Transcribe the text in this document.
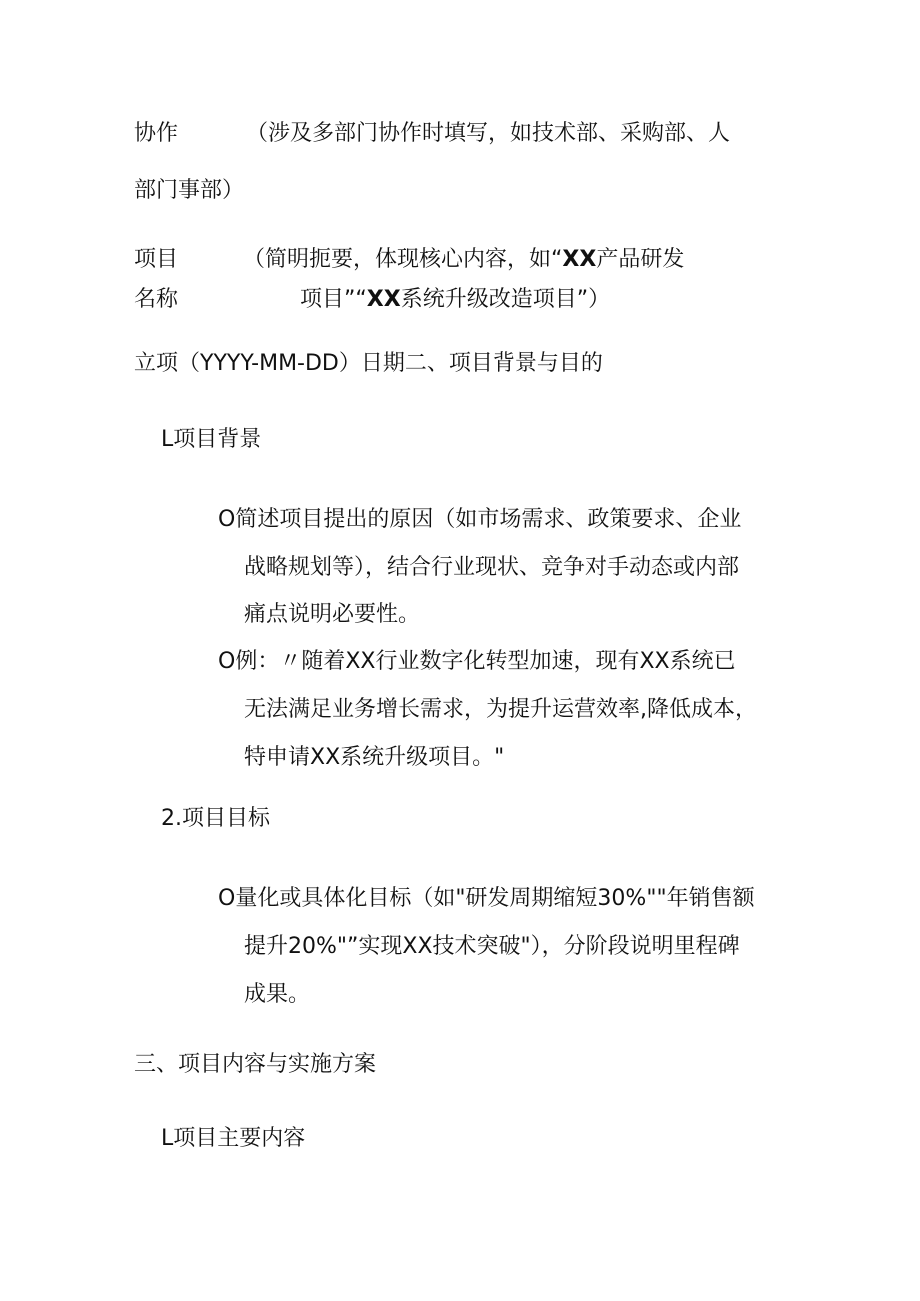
协作	（涉及多部门协作时填写，如技术部、采购部、人
部门事部）
项目	（简明扼要，体现核心内容，如“XX产品研发
名称	项目”“XX系统升级改造项目”）
立项（YYYY-MM-DD）日期二、项目背景与目的
L项目背景
O简述项目提出的原因（如市场需求、政策要求、企业
战略规划等），结合行业现状、竞争对手动态或内部
痛点说明必要性。
O例：〃随着XX行业数字化转型加速，现有XX系统已
无法满足业务增长需求，为提升运营效率,降低成本，
特申请XX系统升级项目。"
2.项目目标
O量化或具体化目标（如"研发周期缩短30%""年销售额
提升20%"”实现XX技术突破"），分阶段说明里程碑
成果。
三、项目内容与实施方案
L项目主要内容
